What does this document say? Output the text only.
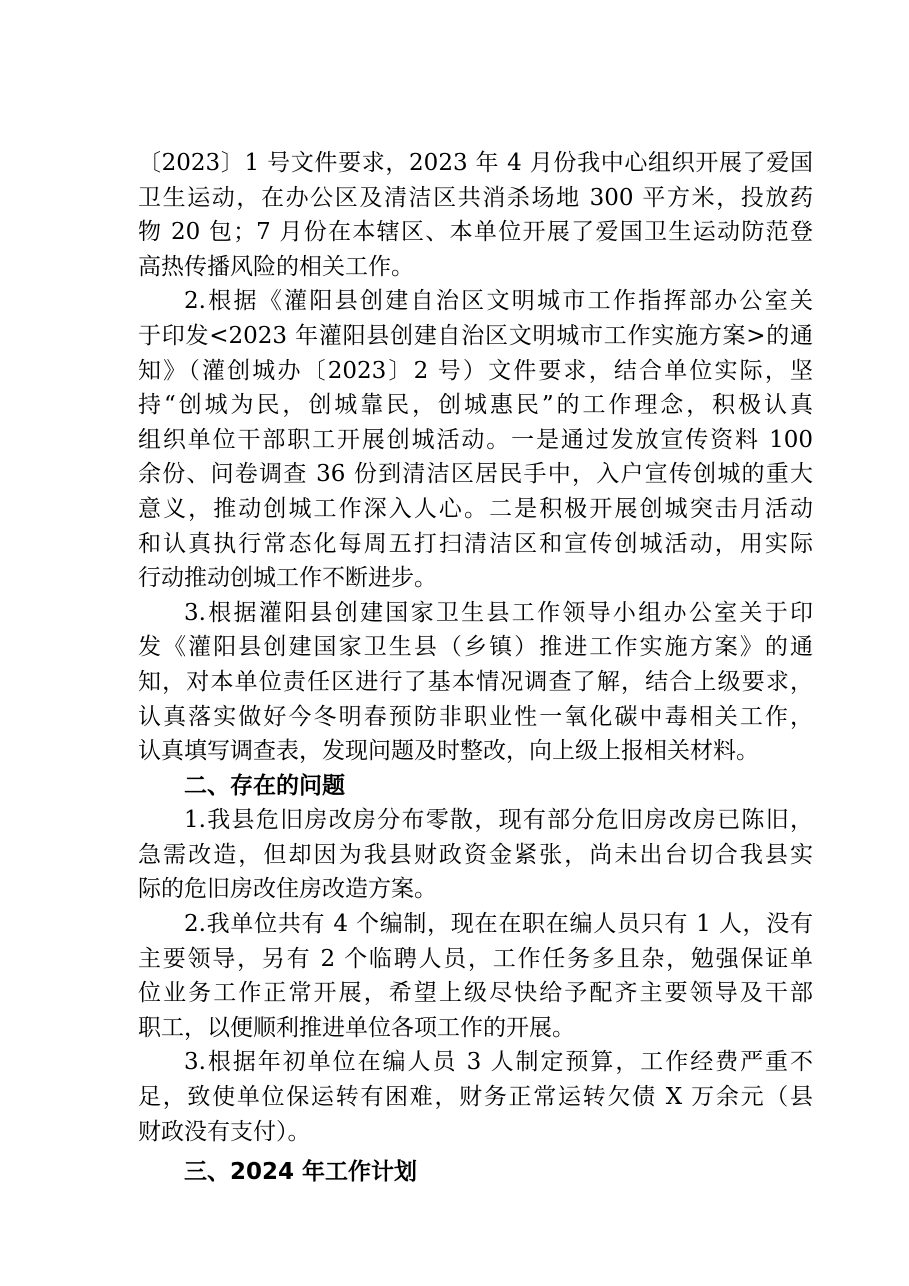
〔2023〕1 号文件要求，2023 年 4 月份我中心组织开展了爱国
卫生运动，在办公区及清洁区共消杀场地 300 平方米，投放药
物 20 包；7 月份在本辖区、本单位开展了爱国卫生运动防范登
高热传播风险的相关工作。
2.根据《灌阳县创建自治区文明城市工作指挥部办公室关
于印发<2023 年灌阳县创建自治区文明城市工作实施方案>的通
知》（灌创城办〔2023〕2 号）文件要求，结合单位实际，坚
持“创城为民，创城靠民，创城惠民”的工作理念，积极认真
组织单位干部职工开展创城活动。一是通过发放宣传资料 100
余份、问卷调查 36 份到清洁区居民手中，入户宣传创城的重大
意义，推动创城工作深入人心。二是积极开展创城突击月活动
和认真执行常态化每周五打扫清洁区和宣传创城活动，用实际
行动推动创城工作不断进步。
3.根据灌阳县创建国家卫生县工作领导小组办公室关于印
发《灌阳县创建国家卫生县（乡镇）推进工作实施方案》的通
知，对本单位责任区进行了基本情况调查了解，结合上级要求，
认真落实做好今冬明春预防非职业性一氧化碳中毒相关工作，
认真填写调查表，发现问题及时整改，向上级上报相关材料。
二、存在的问题
1.我县危旧房改房分布零散，现有部分危旧房改房已陈旧，
急需改造，但却因为我县财政资金紧张，尚未出台切合我县实
际的危旧房改住房改造方案。
2.我单位共有 4 个编制，现在在职在编人员只有 1 人，没有
主要领导，另有 2 个临聘人员，工作任务多且杂，勉强保证单
位业务工作正常开展，希望上级尽快给予配齐主要领导及干部
职工，以便顺利推进单位各项工作的开展。
3.根据年初单位在编人员 3 人制定预算，工作经费严重不
足，致使单位保运转有困难，财务正常运转欠债 X 万余元（县
财政没有支付）。
三、2024 年工作计划
